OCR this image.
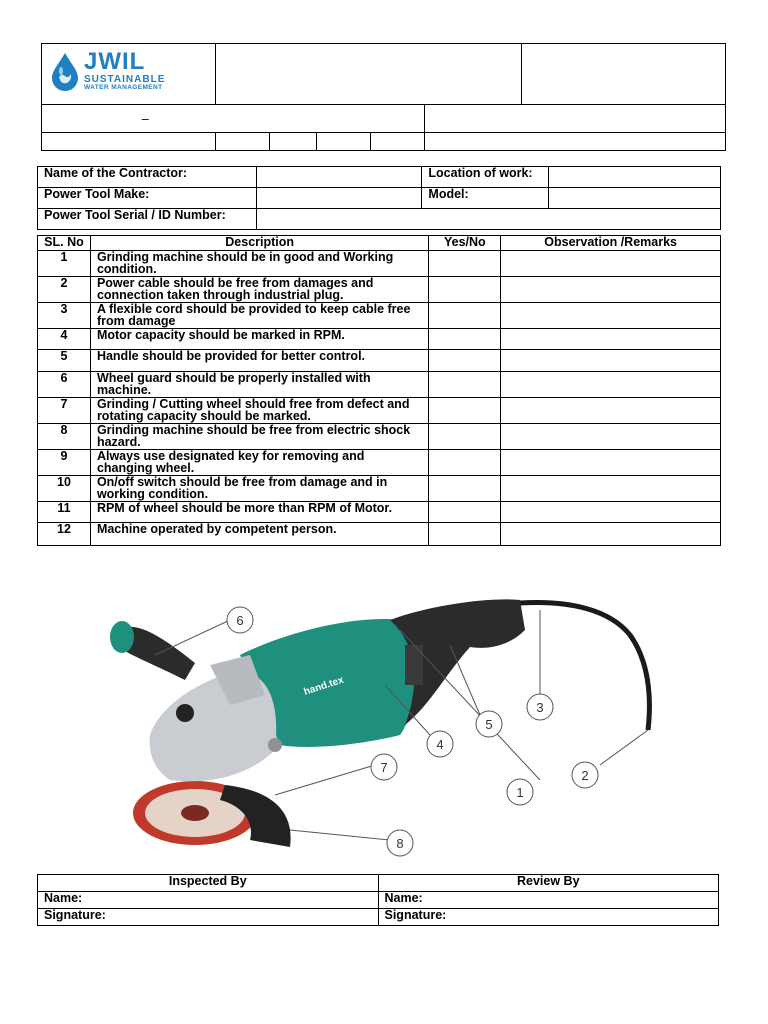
JWIL
SUSTAINABLE
WATER MANAGEMENT						

–						

Name of the Contractor:		Location of work:	
Power Tool Make:		Model:	
Power Tool Serial / ID Number:			
SL. No	Description	Yes/No	Observation /Remarks
1	Grinding machine should be in good and Working condition.		
2	Power cable should be free from damages and connection taken through industrial plug.		
3	A flexible cord should be provided to keep cable free from damage		
4	Motor capacity should be marked in RPM.		
5	Handle should be provided for better control.		
6	Wheel guard should be properly installed with machine.		
7	Grinding / Cutting wheel should free from defect and rotating capacity should be marked.		
8	Grinding machine should be free from electric shock hazard.		
9	Always use designated key for removing and changing wheel.		
10	On/off switch should be free from damage and in working condition.		
11	RPM of wheel should be more than RPM of Motor.		
12	Machine operated by competent person.		
hand.tex
1
2
3
4
5
6
7
8
Inspected By	Review By
Name:	Name:
Signature:	Signature:
